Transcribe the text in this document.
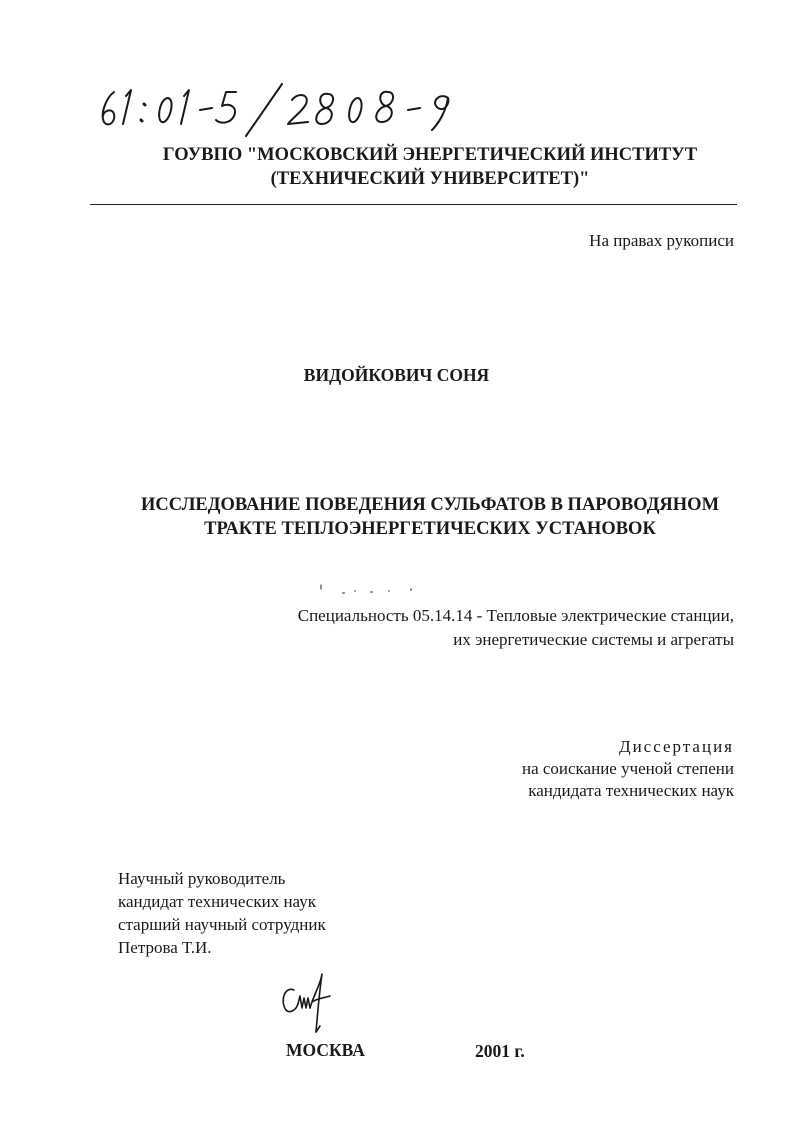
ГОУВПО "МОСКОВСКИЙ ЭНЕРГЕТИЧЕСКИЙ ИНСТИТУТ
(ТЕХНИЧЕСКИЙ УНИВЕРСИТЕТ)"
На правах рукописи
ВИДОЙКОВИЧ СОНЯ
ИССЛЕДОВАНИЕ ПОВЕДЕНИЯ СУЛЬФАТОВ В ПАРОВОДЯНОМ
ТРАКТЕ ТЕПЛОЭНЕРГЕТИЧЕСКИХ УСТАНОВОК
Специальность 05.14.14 - Тепловые электрические станции,
их энергетические системы и агрегаты
Диссертация
на соискание ученой степени
кандидата технических наук
Научный руководитель
кандидат технических наук
старший научный сотрудник
Петрова Т.И.
МОСКВА	2001 г.
